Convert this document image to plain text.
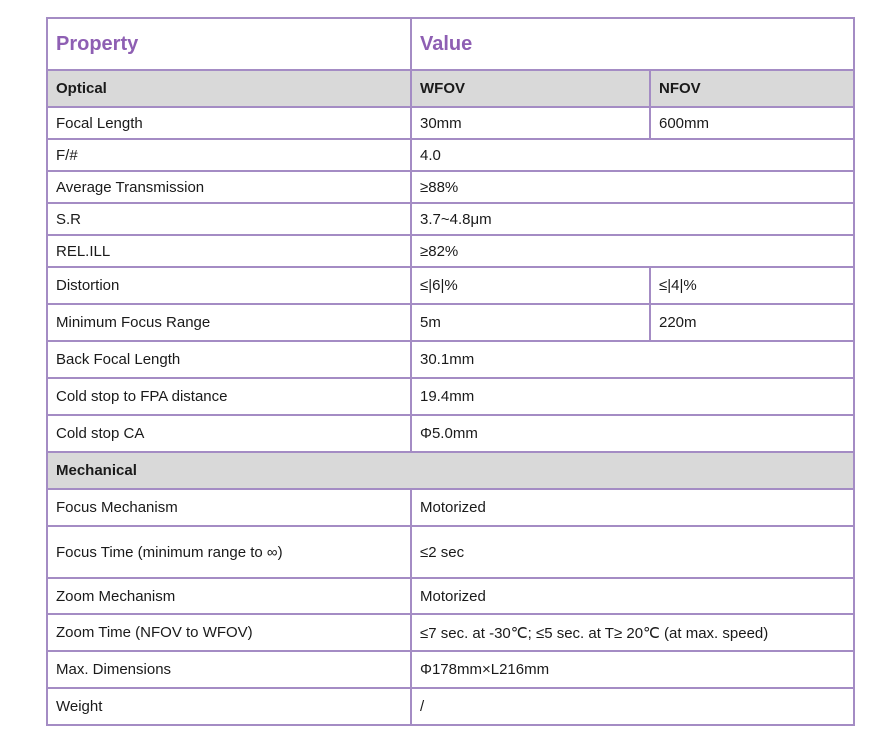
Property	Value	
Optical	WFOV	NFOV
Focal Length	30mm	600mm
F/#	4.0	
Average Transmission	≥88%	
S.R	3.7~4.8μm	
REL.ILL	≥82%	
Distortion	≤|6|%	≤|4|%
Minimum Focus Range	5m	220m
Back Focal Length	30.1mm	
Cold stop to FPA distance	19.4mm	
Cold stop CA	Φ5.0mm	
Mechanical		
Focus Mechanism	Motorized	
Focus Time (minimum range to ∞)	≤2 sec	
Zoom Mechanism	Motorized	
Zoom Time (NFOV to WFOV)	≤7 sec. at -30℃; ≤5 sec. at T≥ 20℃ (at max. speed)	
Max. Dimensions	Φ178mm×L216mm	
Weight	/	
